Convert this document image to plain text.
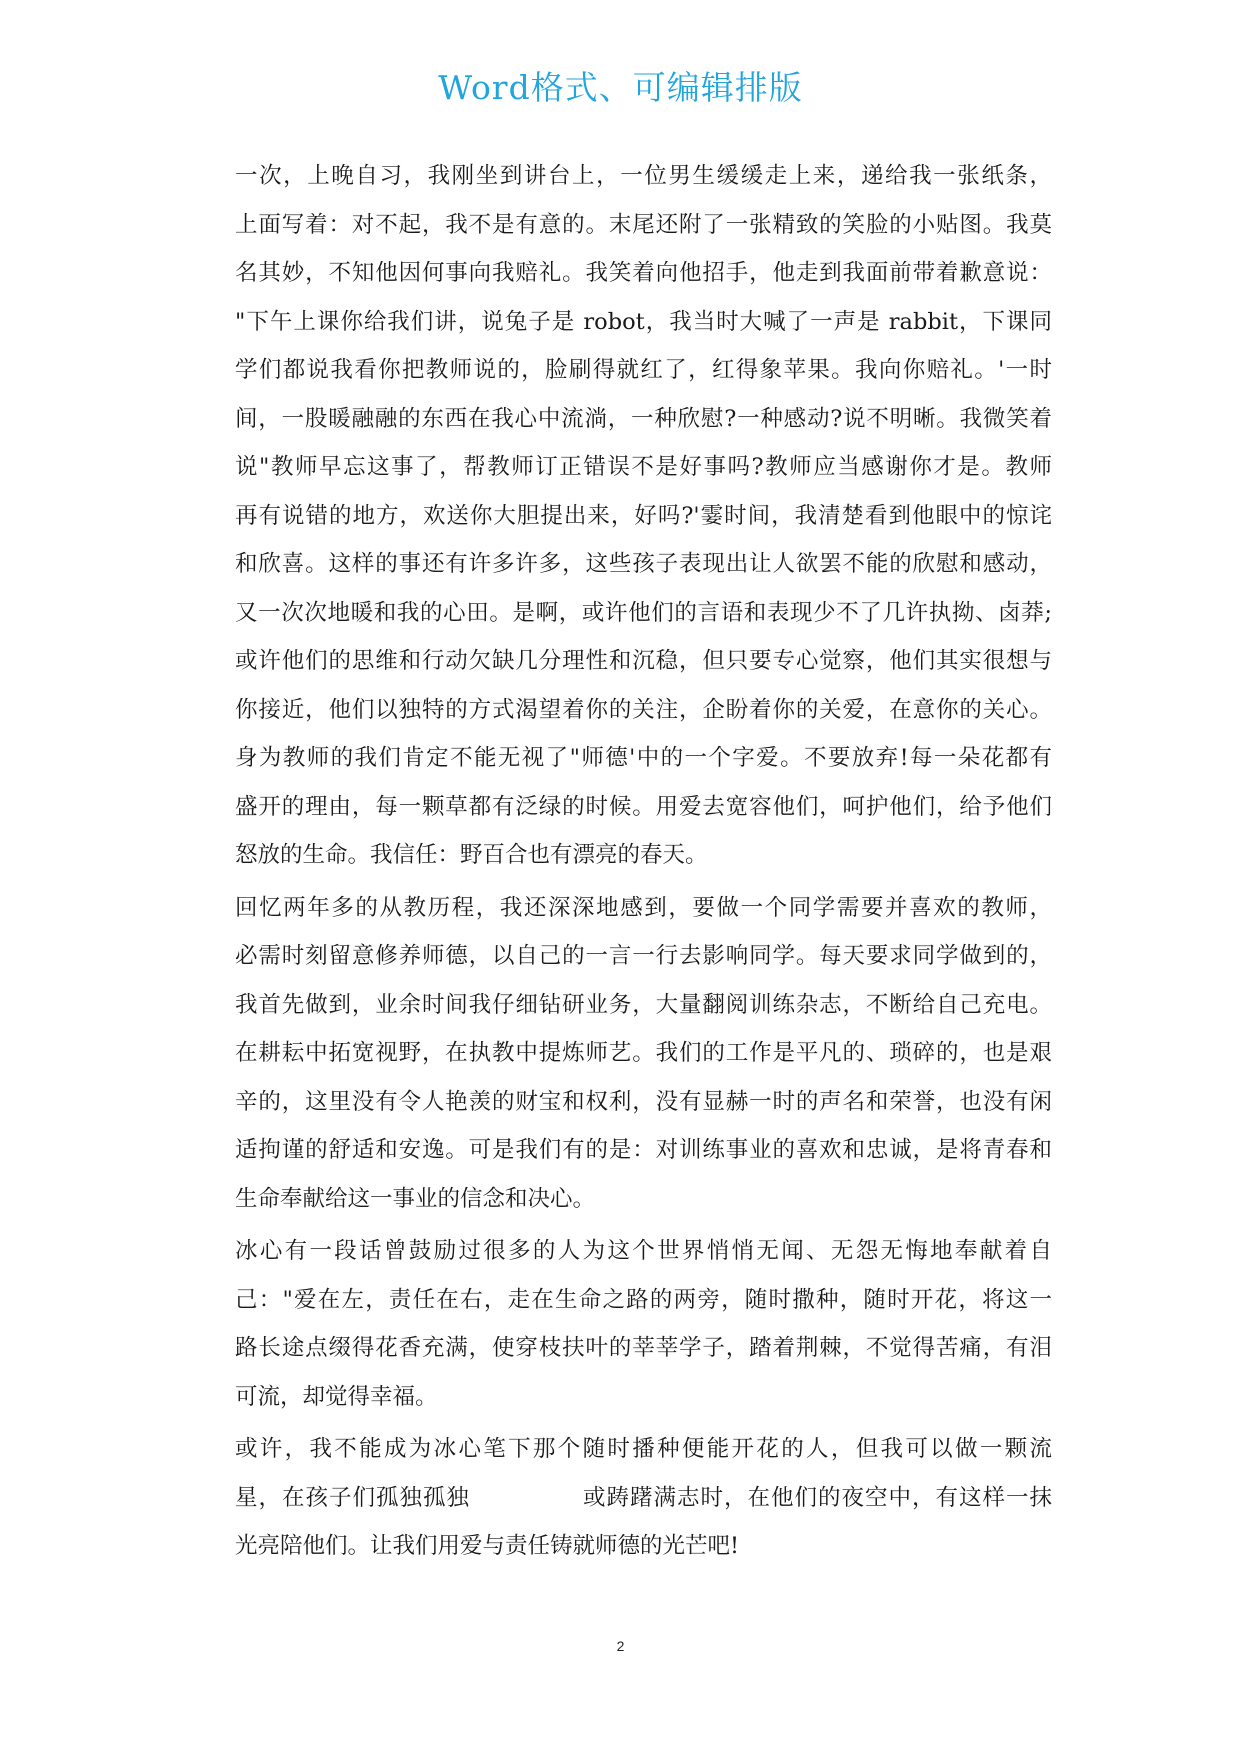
Word格式、可编辑排版

一次，上晚自习，我刚坐到讲台上，一位男生缓缓走上来，递给我一张纸条，
上面写着：对不起，我不是有意的。末尾还附了一张精致的笑脸的小贴图。我莫
名其妙，不知他因何事向我赔礼。我笑着向他招手，他走到我面前带着歉意说：
"下午上课你给我们讲，说兔子是 robot，我当时大喊了一声是 rabbit，下课同
学们都说我看你把教师说的，脸刷得就红了，红得象苹果。我向你赔礼。'一时
间，一股暖融融的东西在我心中流淌，一种欣慰?一种感动?说不明晰。我微笑着
说"教师早忘这事了，帮教师订正错误不是好事吗?教师应当感谢你才是。教师
再有说错的地方，欢送你大胆提出来，好吗?'霎时间，我清楚看到他眼中的惊诧
和欣喜。这样的事还有许多许多，这些孩子表现出让人欲罢不能的欣慰和感动，
又一次次地暖和我的心田。是啊，或许他们的言语和表现少不了几许执拗、卤莽;
或许他们的思维和行动欠缺几分理性和沉稳，但只要专心觉察，他们其实很想与
你接近，他们以独特的方式渴望着你的关注，企盼着你的关爱，在意你的关心。
身为教师的我们肯定不能无视了"师德'中的一个字爱。不要放弃!每一朵花都有
盛开的理由，每一颗草都有泛绿的时候。用爱去宽容他们，呵护他们，给予他们
怒放的生命。我信任：野百合也有漂亮的春天。

回忆两年多的从教历程，我还深深地感到，要做一个同学需要并喜欢的教师，
必需时刻留意修养师德，以自己的一言一行去影响同学。每天要求同学做到的，
我首先做到，业余时间我仔细钻研业务，大量翻阅训练杂志，不断给自己充电。
在耕耘中拓宽视野，在执教中提炼师艺。我们的工作是平凡的、琐碎的，也是艰
辛的，这里没有令人艳羡的财宝和权利，没有显赫一时的声名和荣誉，也没有闲
适拘谨的舒适和安逸。可是我们有的是：对训练事业的喜欢和忠诚，是将青春和
生命奉献给这一事业的信念和决心。

冰心有一段话曾鼓励过很多的人为这个世界悄悄无闻、无怨无悔地奉献着自
己："爱在左，责任在右，走在生命之路的两旁，随时撒种，随时开花，将这一
路长途点缀得花香充满，使穿枝扶叶的莘莘学子，踏着荆棘，不觉得苦痛，有泪
可流，却觉得幸福。

或许，我不能成为冰心笔下那个随时播种便能开花的人，但我可以做一颗流
星，在孩子们孤独孤独	或踌躇满志时，在他们的夜空中，有这样一抹
光亮陪他们。让我们用爱与责任铸就师德的光芒吧!

2
